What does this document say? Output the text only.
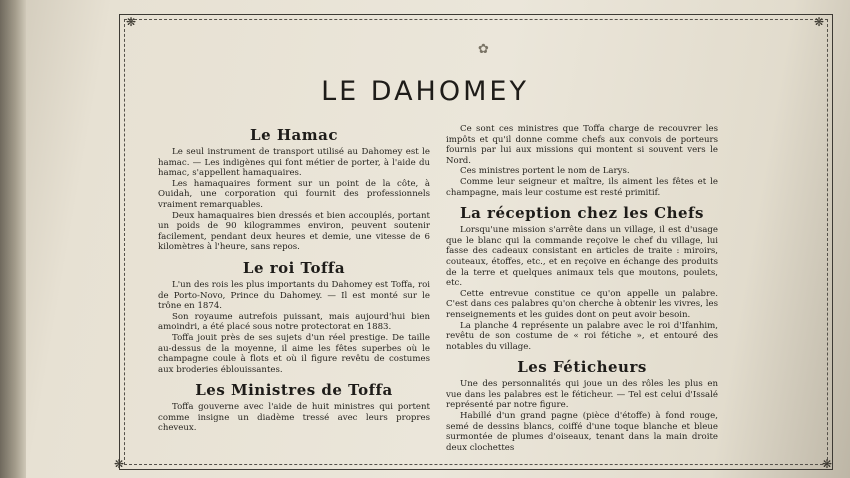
❋	❋
❋	❋
✿
LE DAHOMEY
Le Hamac

Le seul instrument de transport utilisé au Dahomey est le hamac. — Les indigènes qui font métier de porter, à l'aide du hamac, s'appellent hamaquaires.

Les hamaquaires forment sur un point de la côte, à Ouidah, une corporation qui fournit des professionnels vraiment remarquables.

Deux hamaquaires bien dressés et bien accouplés, portant un poids de 90 kilogrammes environ, peuvent soutenir facilement, pendant deux heures et demie, une vitesse de 6 kilomètres à l'heure, sans repos.

Le roi Toffa

L'un des rois les plus importants du Dahomey est Toffa, roi de Porto-Novo, Prince du Dahomey. — Il est monté sur le trône en 1874.

Son royaume autrefois puissant, mais aujourd'hui bien amoindri, a été placé sous notre protectorat en 1883.

Toffa jouit près de ses sujets d'un réel prestige. De taille au-dessus de la moyenne, il aime les fêtes superbes où le champagne coule à flots et où il figure revêtu de costumes aux broderies éblouissantes.

Les Ministres de Toffa

Toffa gouverne avec l'aide de huit ministres qui portent comme insigne un diadème tressé avec leurs propres cheveux.

Ce sont ces ministres que Toffa charge de recouvrer les impôts et qu'il donne comme chefs aux convois de porteurs fournis par lui aux missions qui montent si souvent vers le Nord.

Ces ministres portent le nom de Larys.

Comme leur seigneur et maître, ils aiment les fêtes et le champagne, mais leur costume est resté primitif.

La réception chez les Chefs

Lorsqu'une mission s'arrête dans un village, il est d'usage que le blanc qui la commande reçoive le chef du village, lui fasse des cadeaux consistant en articles de traite : miroirs, couteaux, étoffes, etc., et en reçoive en échange des produits de la terre et quelques animaux tels que moutons, poulets, etc.

Cette entrevue constitue ce qu'on appelle un palabre. C'est dans ces palabres qu'on cherche à obtenir les vivres, les renseignements et les guides dont on peut avoir besoin.

La planche 4 représente un palabre avec le roi d'Ifanhim, revêtu de son costume de « roi fétiche », et entouré des notables du village.

Les Féticheurs

Une des personnalités qui joue un des rôles les plus en vue dans les palabres est le féticheur. — Tel est celui d'Issalé représenté par notre figure.

Habillé d'un grand pagne (pièce d'étoffe) à fond rouge, semé de dessins blancs, coiffé d'une toque blanche et bleue surmontée de plumes d'oiseaux, tenant dans la main droite deux clochettes
